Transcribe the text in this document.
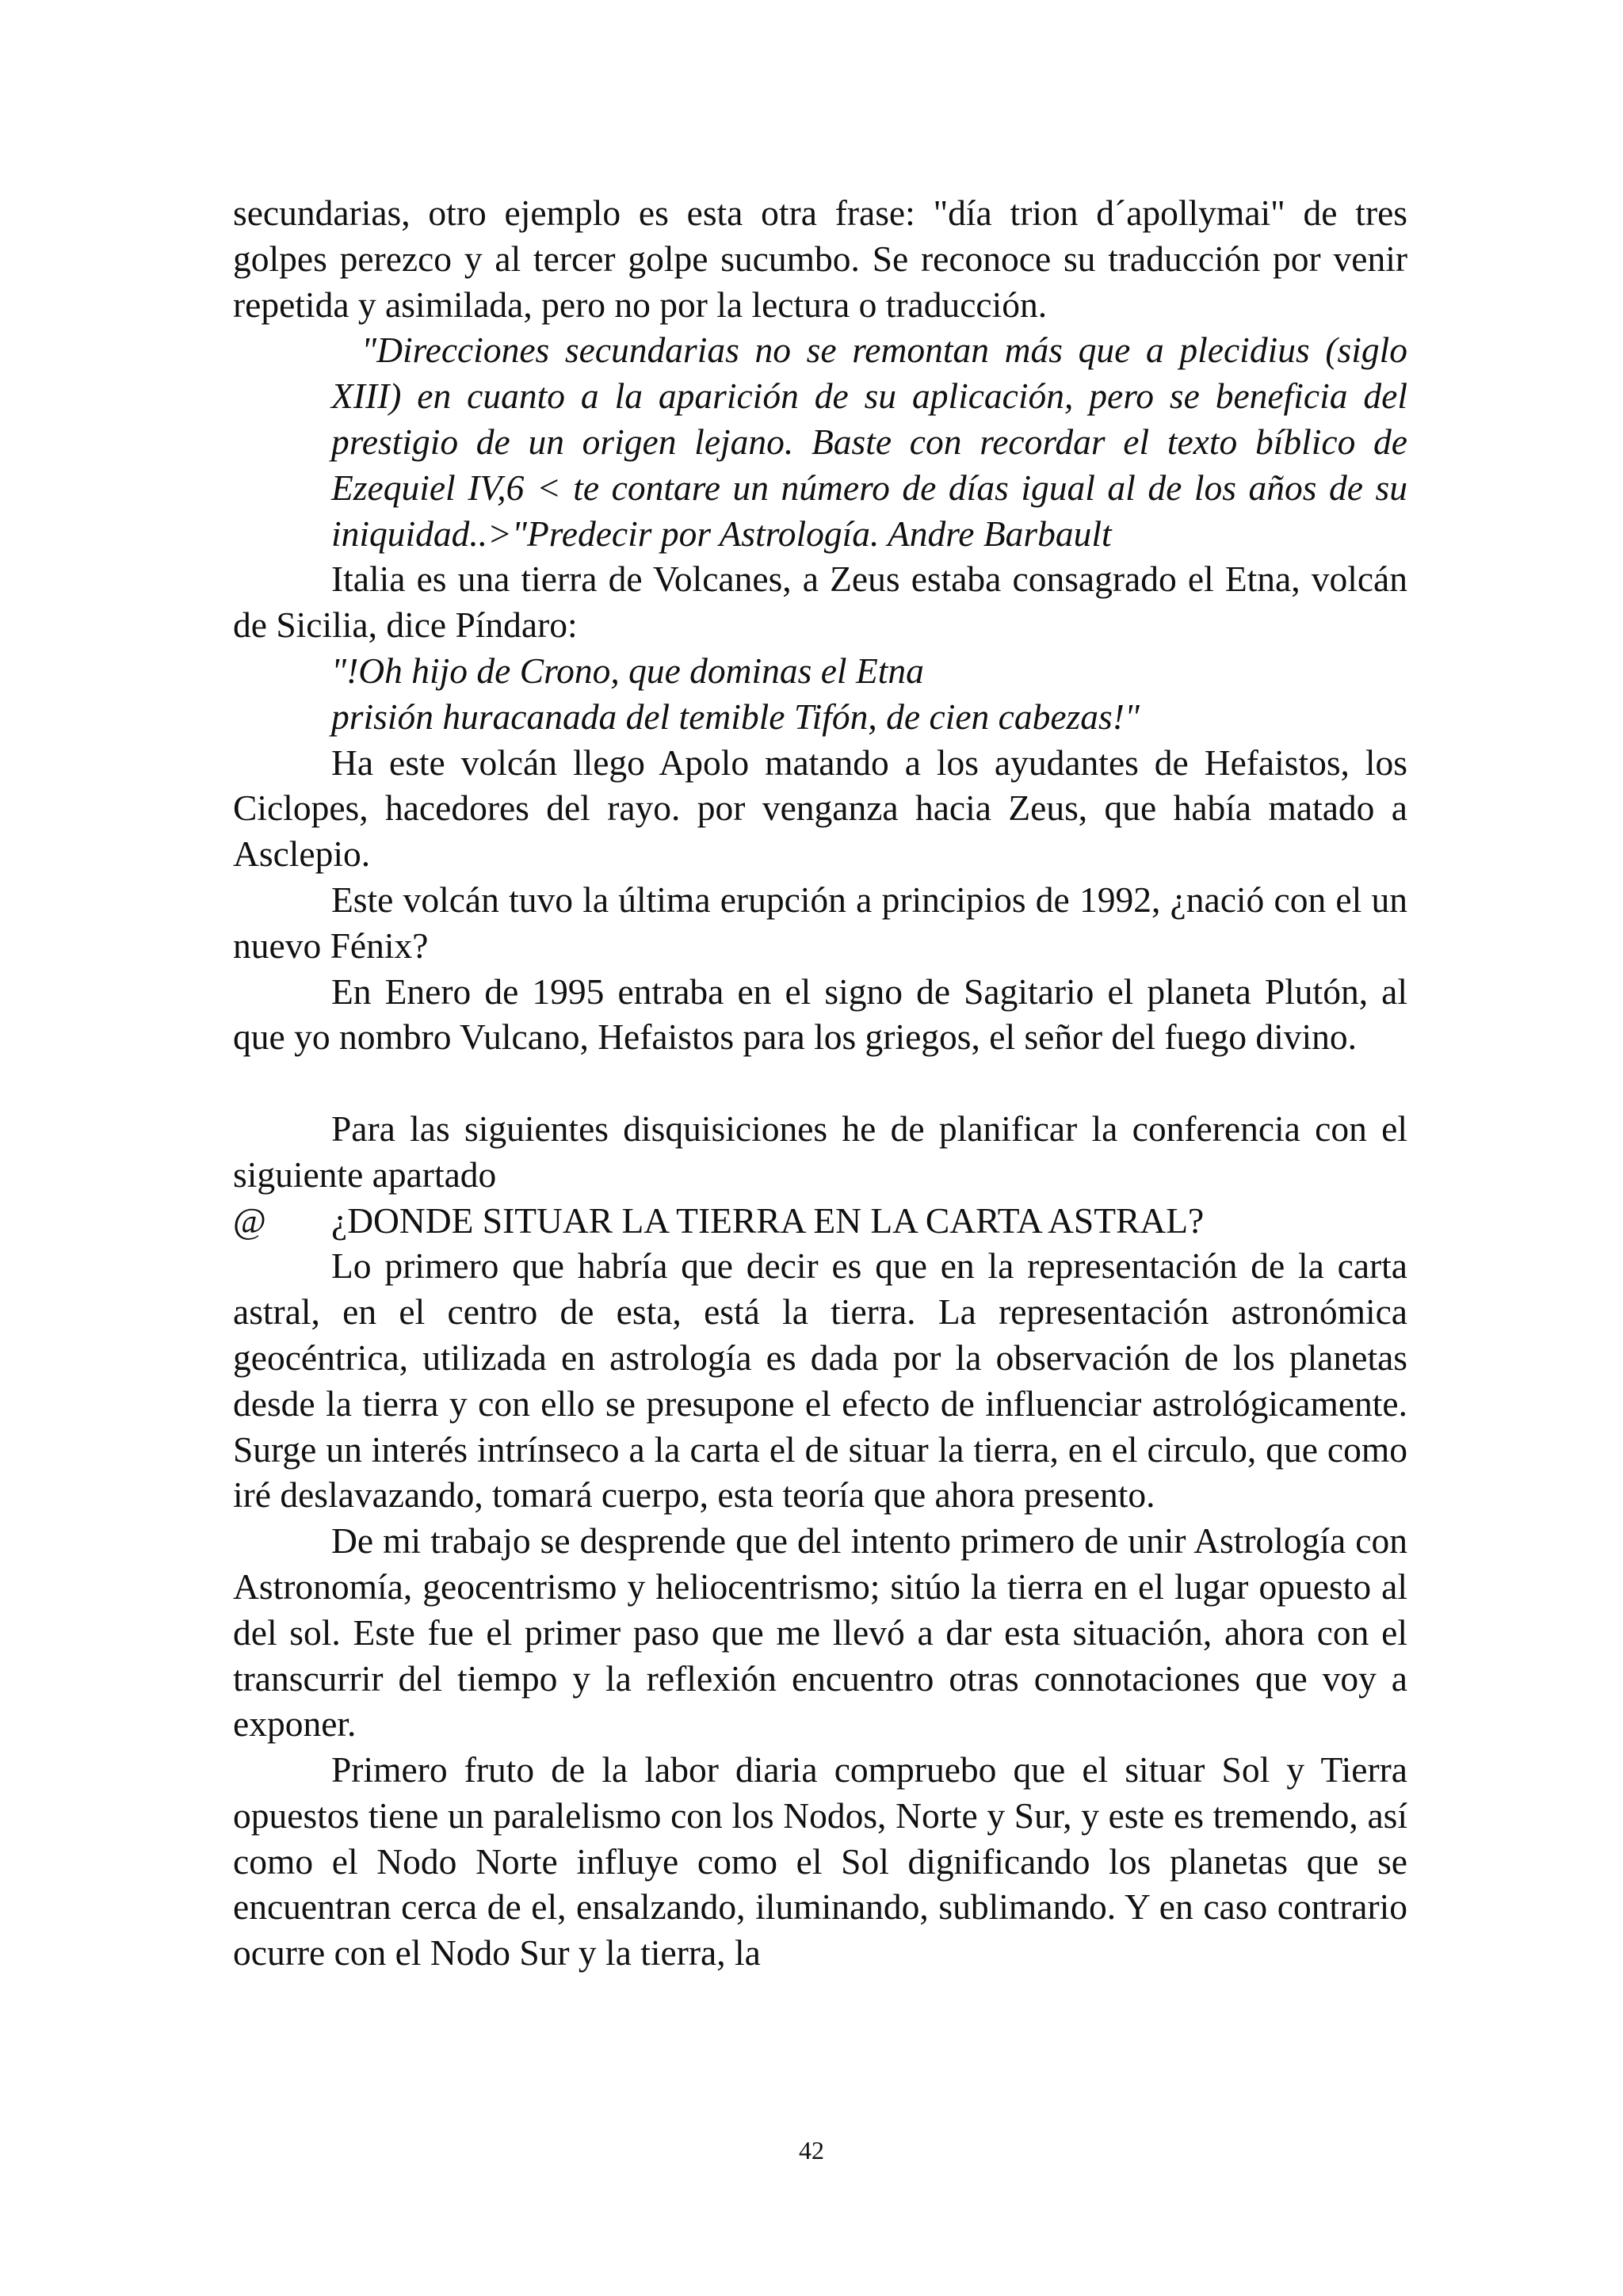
secundarias, otro ejemplo es esta otra frase: "día trion d´apollymai" de tres golpes perezco y al tercer golpe sucumbo. Se reconoce su traducción por venir repetida y asimilada, pero no por la lectura o traducción.

"Direcciones secundarias no se remontan más que a plecidius (siglo XIII) en cuanto a la aparición de su aplicación, pero se beneficia del prestigio de un origen lejano. Baste con recordar el texto bíblico de Ezequiel IV,6 < te contare un número de días igual al de los años de su iniquidad..>"Predecir por Astrología. Andre Barbault

Italia es una tierra de Volcanes, a Zeus estaba consagrado el Etna, volcán de Sicilia, dice Píndaro:

"!Oh hijo de Crono, que dominas el Etna

prisión huracanada del temible Tifón, de cien cabezas!"

Ha este volcán llego Apolo matando a los ayudantes de Hefaistos, los Ciclopes, hacedores del rayo. por venganza hacia Zeus, que había matado a Asclepio.

Este volcán tuvo la última erupción a principios de 1992, ¿nació con el un nuevo Fénix?

En Enero de 1995 entraba en el signo de Sagitario el planeta Plutón, al que yo nombro Vulcano, Hefaistos para los griegos, el señor del fuego divino.

Para las siguientes disquisiciones he de planificar la conferencia con el siguiente apartado

@	¿DONDE SITUAR LA TIERRA EN LA CARTA ASTRAL?

Lo primero que habría que decir es que en la representación de la carta astral, en el centro de esta, está la tierra. La representación astronómica geocéntrica, utilizada en astrología es dada por la observación de los planetas desde la tierra y con ello se presupone el efecto de influenciar astrológicamente. Surge un interés intrínseco a la carta el de situar la tierra, en el circulo, que como iré deslavazando, tomará cuerpo, esta teoría que ahora presento.

De mi trabajo se desprende que del intento primero de unir Astrología con Astronomía, geocentrismo y heliocentrismo; sitúo la tierra en el lugar opuesto al del sol. Este fue el primer paso que me llevó a dar esta situación, ahora con el transcurrir del tiempo y la reflexión encuentro otras connotaciones que voy a exponer.

Primero fruto de la labor diaria compruebo que el situar Sol y Tierra opuestos tiene un paralelismo con los Nodos, Norte y Sur, y este es tremendo, así como el Nodo Norte influye como el Sol dignificando los planetas que se encuentran cerca de el, ensalzando, iluminando, sublimando. Y en caso contrario ocurre con el Nodo Sur y la tierra, la

42
